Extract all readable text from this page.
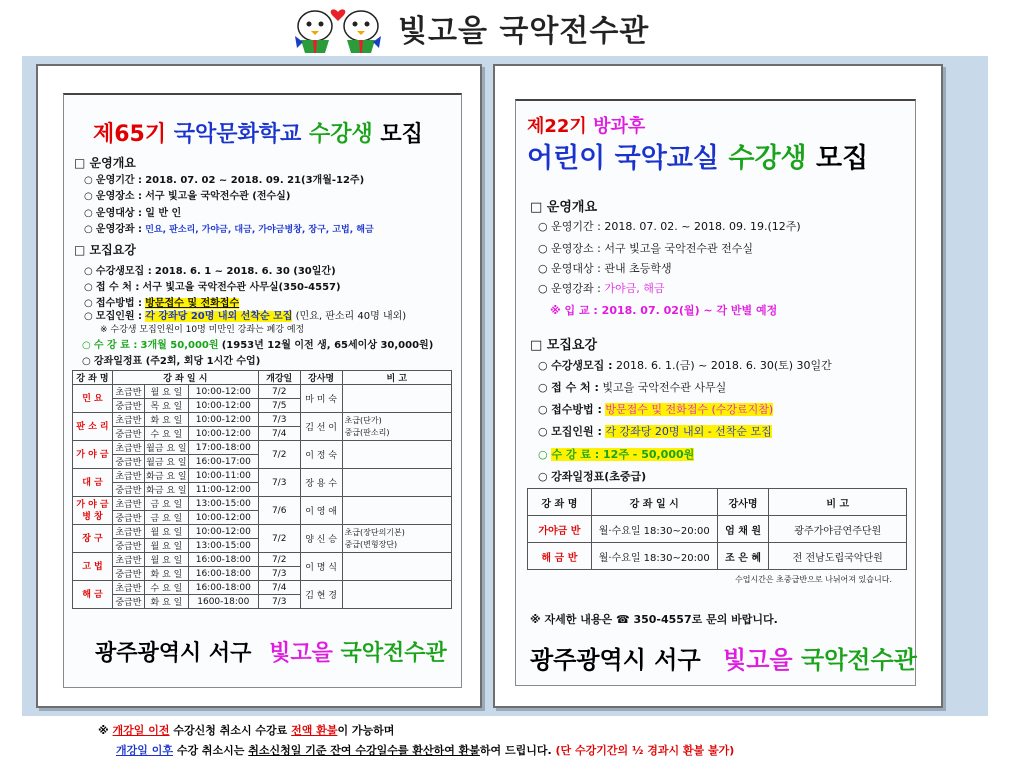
빛고을 국악전수관
제65기 국악문화학교 수강생 모집
□ 운영개요
○ 운영기간 : 2018. 07. 02 ~ 2018. 09. 21(3개월-12주)
○ 운영장소 : 서구 빛고을 국악전수관 (전수실)
○ 운영대상 : 일 반 인
○ 운영강좌 : 민요, 판소리, 가야금, 대금, 가야금병창, 장구, 고법, 해금
□ 모집요강
○ 수강생모집 : 2018. 6. 1 ~ 2018. 6. 30 (30일간)
○ 접 수 처 : 서구 빛고을 국악전수관 사무실(350-4557)
○ 접수방법 : 방문접수 및 전화접수
○ 모집인원 : 각 강좌당 20명 내외 선착순 모집 (민요, 판소리 40명 내외)
※ 수강생 모집인원이 10명 미만인 강좌는 폐강 예정
○ 수 강 료 : 3개월 50,000원 (1953년 12월 이전 생, 65세이상 30,000원)
○ 강좌일정표 (주2회, 회당 1시간 수업)
강 좌 명	강 좌 일 시			개강일	강사명	비 고
민 요	초급반	월 요 일	10:00-12:00	7/2	마 미 숙	
	중급반	목 요 일	10:00-12:00	7/5		
판 소 리	초급반	화 요 일	10:00-12:00	7/3	김 선 이	초급(단가)
중급(판소리)
	중급반	수 요 일	10:00-12:00	7/4		
가 야 금	초급반	월금 요 일	17:00-18:00	7/2	이 정 숙	
	중급반	월금 요 일	16:00-17:00			
대 금	초급반	화금 요 일	10:00-11:00	7/3	장 용 수	
	중급반	화금 요 일	11:00-12:00			
가 야 금
병 창	초급반	금 요 일	13:00-15:00	7/6	이 영 애	
	중급반	금 요 일	10:00-12:00			
장 구	초급반	월 요 일	10:00-12:00	7/2	양 신 승	초급(장단의기본)
중급(변형장단)
	중급반	월 요 일	13:00-15:00			
고 법	초급반	월 요 일	16:00-18:00	7/2	이 명 식	
	중급반	화 요 일	16:00-18:00	7/3		
해 금	초급반	수 요 일	16:00-18:00	7/4	김 현 경	
	중급반	화 요 일	1600-18:00	7/3		
광주광역시 서구 빛고을 국악전수관
제22기 방과후
어린이 국악교실 수강생 모집
□ 운영개요
○ 운영기간 : 2018. 07. 02. ~ 2018. 09. 19.(12주)
○ 운영장소 : 서구 빛고을 국악전수관 전수실
○ 운영대상 : 관내 초등학생
○ 운영강좌 : 가야금, 해금
※ 입 교 : 2018. 07. 02(월) ~ 각 반별 예정
□ 모집요강
○ 수강생모집 : 2018. 6. 1.(금) ~ 2018. 6. 30(토) 30일간
○ 접 수 처 : 빛고을 국악전수관 사무실
○ 접수방법 : 방문접수 및 전화접수 (수강료지참)
○ 모집인원 : 각 강좌당 20명 내외 - 선착순 모집
○ 수 강 료 : 12주 - 50,000원
○ 강좌일정표(초중급)
강 좌 명	강 좌 일 시	강사명	비 고
가야금 반	월·수요일 18:30~20:00	엄 채 원	광주가야금연주단원
해 금 반	월·수요일 18:30~20:00	조 은 혜	전 전남도립국악단원
수업시간은 초중급반으로 나뉘어져 있습니다.
※ 자세한 내용은 ☎ 350-4557로 문의 바랍니다.
광주광역시 서구 빛고을 국악전수관
※ 개강일 이전 수강신청 취소시 수강료 전액 환불이 가능하며
개강일 이후 수강 취소시는 취소신청일 기준 잔여 수강일수를 환산하여 환불하여 드립니다. (단 수강기간의 ½ 경과시 환불 불가)
